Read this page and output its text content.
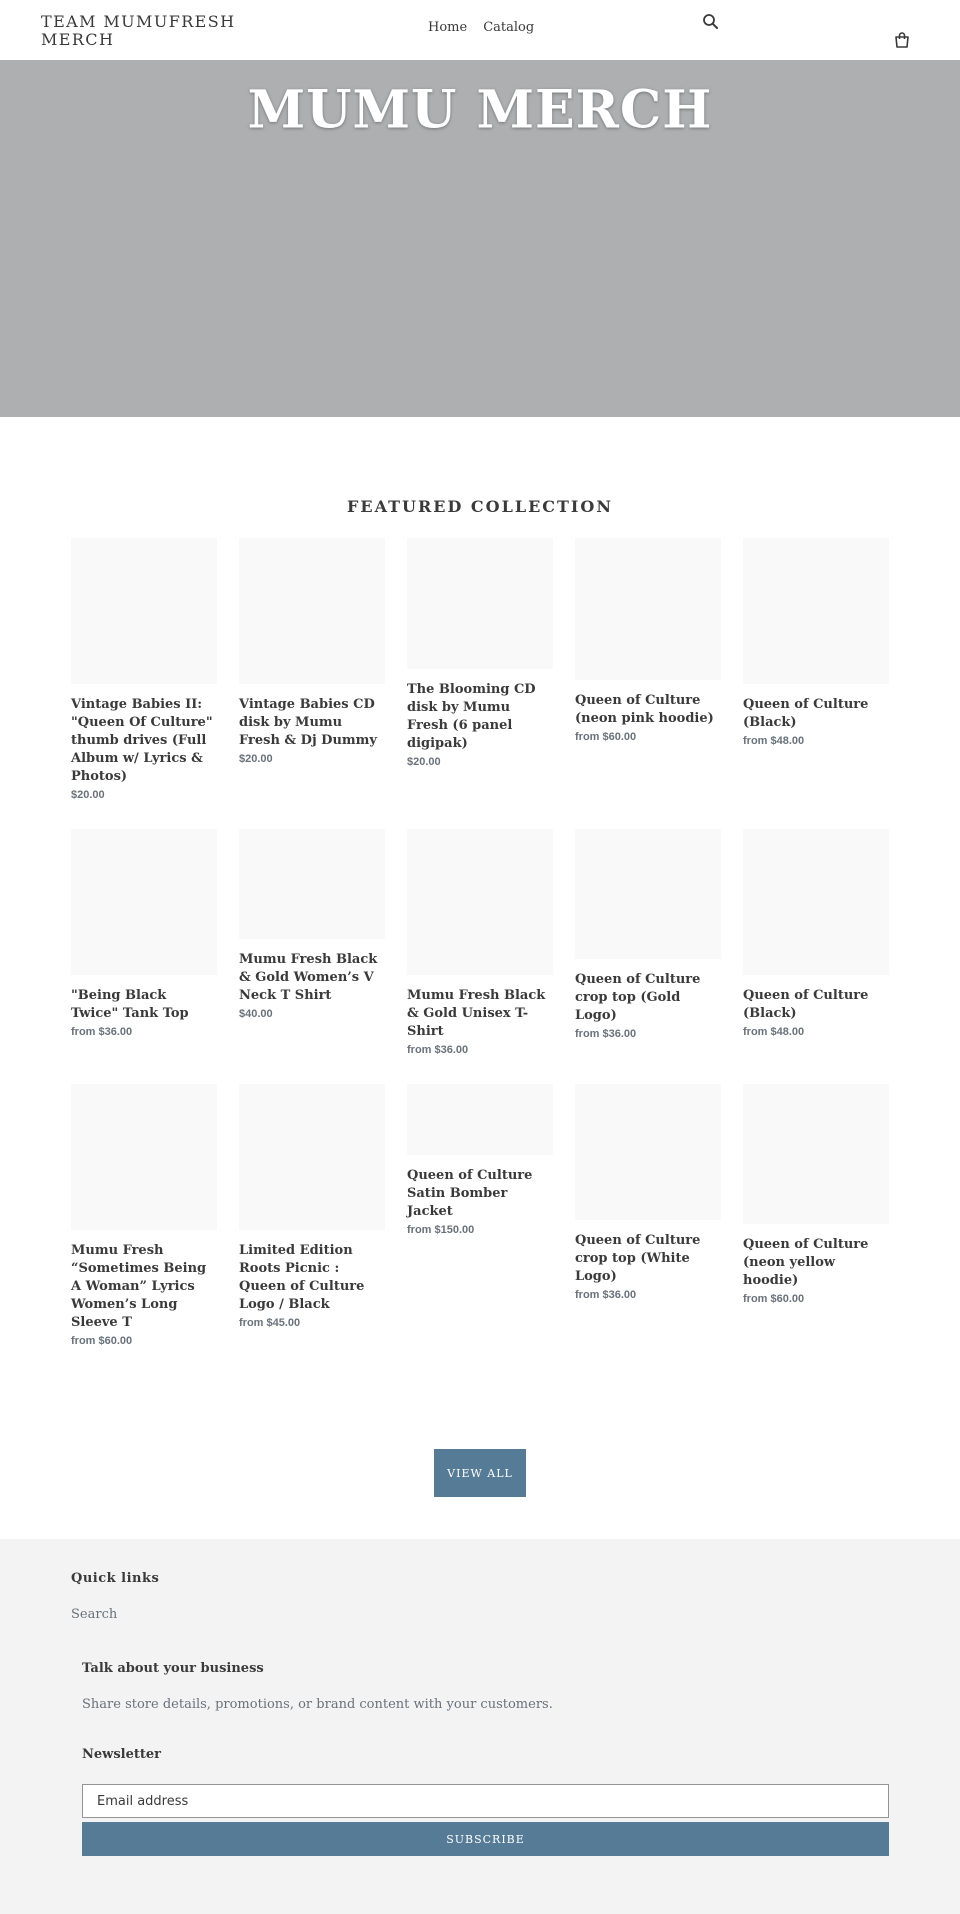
TEAM MUMUFRESH MERCH
Home Catalog
MUMU MERCH
FEATURED COLLECTION
Vintage Babies II: "Queen Of Culture" thumb drives (Full Album w/ Lyrics & Photos)
$20.00
Vintage Babies CD disk by Mumu Fresh & Dj Dummy
$20.00
The Blooming CD disk by Mumu Fresh (6 panel digipak)
$20.00
Queen of Culture (neon pink hoodie)
from $60.00
Queen of Culture (Black)
from $48.00
"Being Black Twice" Tank Top
from $36.00
Mumu Fresh Black & Gold Women’s V Neck T Shirt
$40.00
Mumu Fresh Black & Gold Unisex T-Shirt
from $36.00
Queen of Culture crop top (Gold Logo)
from $36.00
Queen of Culture (Black)
from $48.00
Mumu Fresh “Sometimes Being A Woman” Lyrics Women’s Long Sleeve T
from $60.00
Limited Edition Roots Picnic : Queen of Culture Logo / Black
from $45.00
Queen of Culture Satin Bomber Jacket
from $150.00
Queen of Culture crop top (White Logo)
from $36.00
Queen of Culture (neon yellow hoodie)
from $60.00
VIEW ALL
Quick links
Search
Talk about your business

Share store details, promotions, or brand content with your customers.

Newsletter
Email address
SUBSCRIBE
